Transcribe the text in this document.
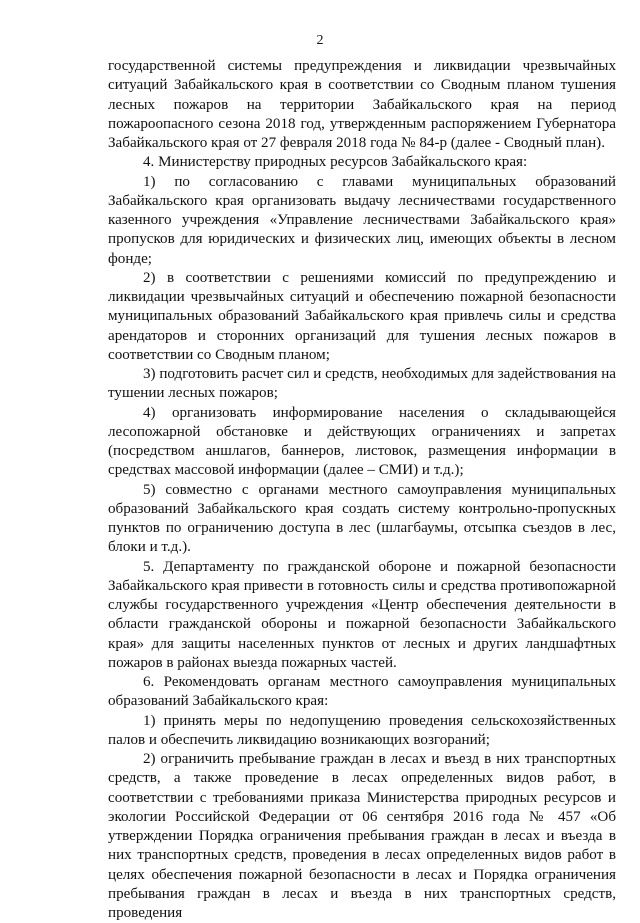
2

государственной системы предупреждения и ликвидации чрезвычайных ситуаций Забайкальского края в соответствии со Сводным планом тушения лесных пожаров на территории Забайкальского края на период пожароопасного сезона 2018 год, утвержденным распоряжением Губернатора Забайкальского края от 27 февраля 2018 года № 84-р (далее - Сводный план).

4. Министерству природных ресурсов Забайкальского края:

1) по согласованию с главами муниципальных образований Забайкальского края организовать выдачу лесничествами государственного казенного учреждения «Управление лесничествами Забайкальского края» пропусков для юридических и физических лиц, имеющих объекты в лесном фонде;

2) в соответствии с решениями комиссий по предупреждению и ликвидации чрезвычайных ситуаций и обеспечению пожарной безопасности муниципальных образований Забайкальского края привлечь силы и средства арендаторов и сторонних организаций для тушения лесных пожаров в соответствии со Сводным планом;

3) подготовить расчет сил и средств, необходимых для задействования на тушении лесных пожаров;

4) организовать информирование населения о складывающейся лесопожарной обстановке и действующих ограничениях и запретах (посредством аншлагов, баннеров, листовок, размещения информации в средствах массовой информации (далее – СМИ) и т.д.);

5) совместно с органами местного самоуправления муниципальных образований Забайкальского края создать систему контрольно-пропускных пунктов по ограничению доступа в лес (шлагбаумы, отсыпка съездов в лес, блоки и т.д.).

5. Департаменту по гражданской обороне и пожарной безопасности Забайкальского края привести в готовность силы и средства противопожарной службы государственного учреждения «Центр обеспечения деятельности в области гражданской обороны и пожарной безопасности Забайкальского края» для защиты населенных пунктов от лесных и других ландшафтных пожаров в районах выезда пожарных частей.

6. Рекомендовать органам местного самоуправления муниципальных образований Забайкальского края:

1) принять меры по недопущению проведения сельскохозяйственных палов и обеспечить ликвидацию возникающих возгораний;

2) ограничить пребывание граждан в лесах и въезд в них транспортных средств, а также проведение в лесах определенных видов работ, в соответствии с требованиями приказа Министерства природных ресурсов и экологии Российской Федерации от 06 сентября 2016 года № 457 «Об утверждении Порядка ограничения пребывания граждан в лесах и въезда в них транспортных средств, проведения в лесах определенных видов работ в целях обеспечения пожарной безопасности в лесах и Порядка ограничения пребывания граждан в лесах и въезда в них транспортных средств, проведения
